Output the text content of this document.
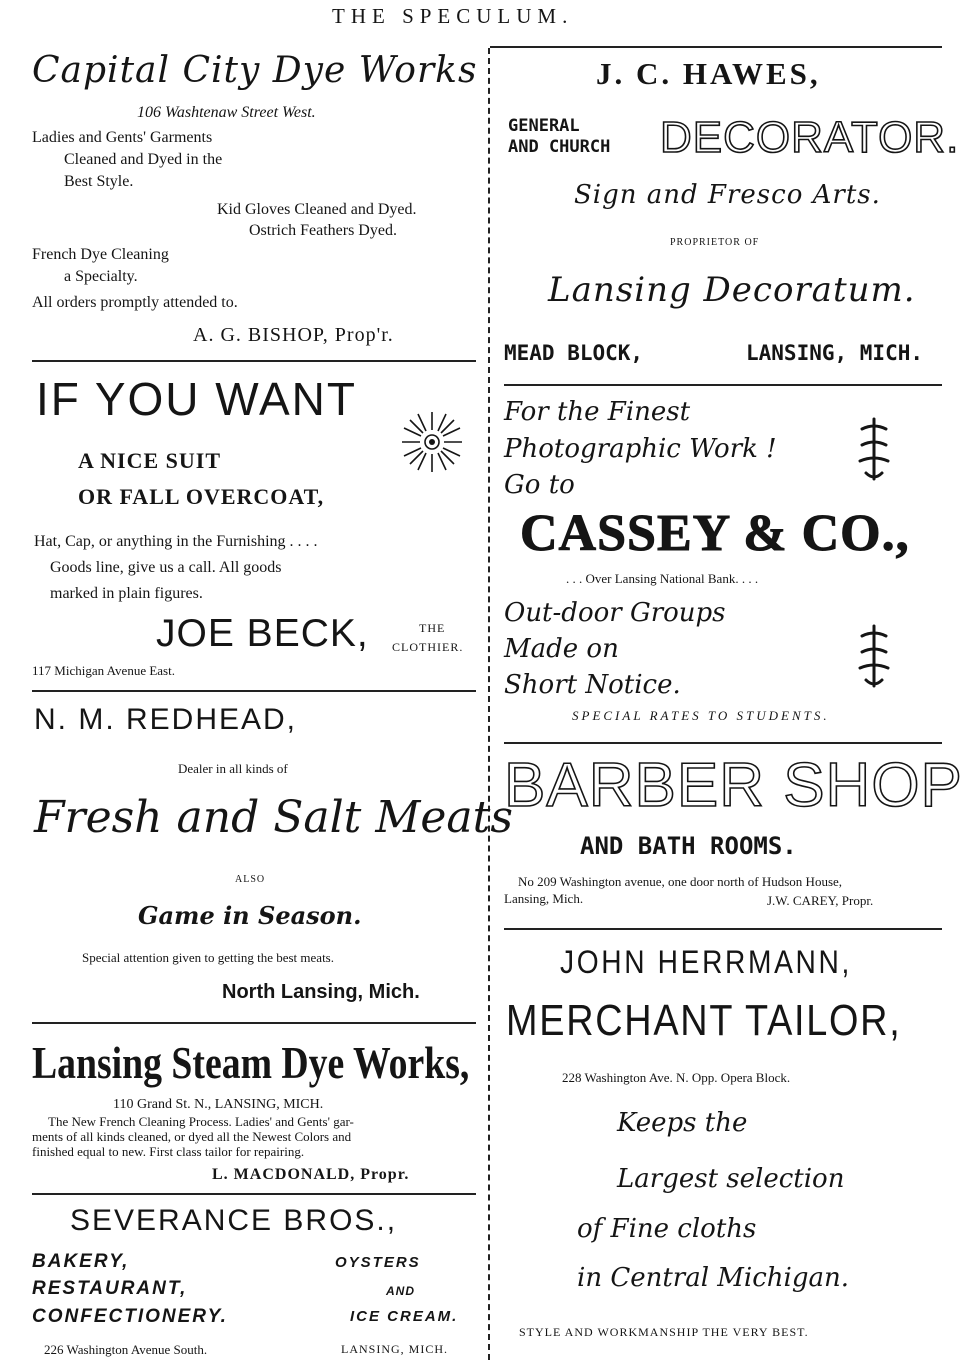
THE SPECULUM.
Capital City Dye Works
106 Washtenaw Street West.
Ladies and Gents' Garments
Cleaned and Dyed in the
Best Style.
Kid Gloves Cleaned and Dyed.
Ostrich Feathers Dyed.
French Dye Cleaning
a Specialty.
All orders promptly attended to.
A. G. BISHOP, Prop'r.
IF YOU WANT
A NICE SUIT
OR FALL OVERCOAT,
Hat, Cap, or anything in the Furnishing . . . .
Goods line, give us a call. All goods
marked in plain figures.
JOE BECK,	THE
CLOTHIER.
117 Michigan Avenue East.
N. M. REDHEAD,
Dealer in all kinds of
Fresh and Salt Meats
ALSO
Game in Season.
Special attention given to getting the best meats.
North Lansing, Mich.
Lansing Steam Dye Works,
110 Grand St. N., LANSING, MICH.
The New French Cleaning Process. Ladies' and Gents' gar-
ments of all kinds cleaned, or dyed all the Newest Colors and
finished equal to new. First class tailor for repairing.
L. MACDONALD, Propr.
SEVERANCE BROS.,
BAKERY,
RESTAURANT,
CONFECTIONERY.
OYSTERS
AND
ICE CREAM.
226 Washington Avenue South.	LANSING, MICH.
J. C. HAWES,
GENERAL
AND CHURCH DECORATOR.
Sign and Fresco Arts.
PROPRIETOR OF
Lansing Decoratum.
MEAD BLOCK,	LANSING, MICH.
For the Finest
Photographic Work !
Go to
CASSEY & CO.,
. . . Over Lansing National Bank. . . .
Out-door Groups
Made on
Short Notice.
SPECIAL RATES TO STUDENTS.
BARBER SHOP
AND BATH ROOMS.
No 209 Washington avenue, one door north of Hudson House,
Lansing, Mich.	J.W. CAREY, Propr.
JOHN HERRMANN,
MERCHANT TAILOR,
228 Washington Ave. N. Opp. Opera Block.
Keeps the
Largest selection
of Fine cloths
in Central Michigan.
STYLE AND WORKMANSHIP THE VERY BEST.
